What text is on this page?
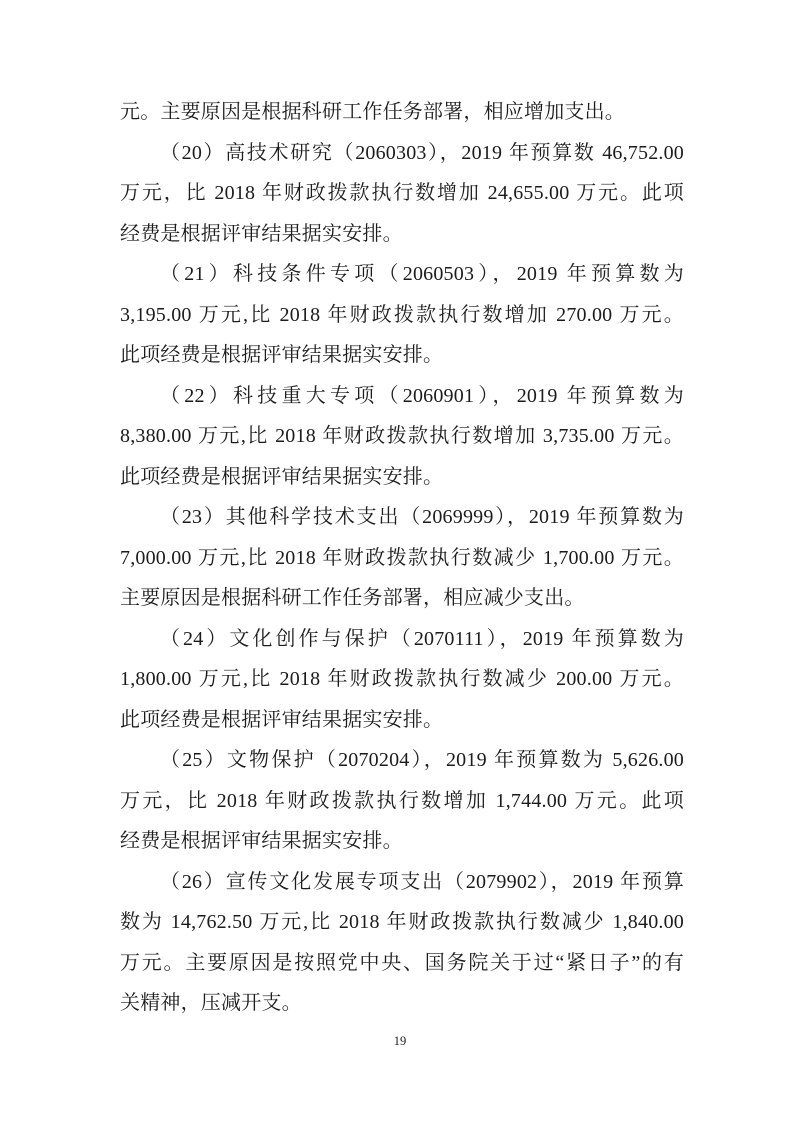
元。主要原因是根据科研工作任务部署，相应增加支出。
（20）高技术研究（2060303），2019 年预算数 46,752.00
万元，比 2018 年财政拨款执行数增加 24,655.00 万元。此项
经费是根据评审结果据实安排。
（21）科技条件专项（2060503），2019 年预算数为
3,195.00 万元,比 2018 年财政拨款执行数增加 270.00 万元。
此项经费是根据评审结果据实安排。
（22）科技重大专项（2060901），2019 年预算数为
8,380.00 万元,比 2018 年财政拨款执行数增加 3,735.00 万元。
此项经费是根据评审结果据实安排。
（23）其他科学技术支出（2069999），2019 年预算数为
7,000.00 万元,比 2018 年财政拨款执行数减少 1,700.00 万元。
主要原因是根据科研工作任务部署，相应减少支出。
（24）文化创作与保护（2070111），2019 年预算数为
1,800.00 万元,比 2018 年财政拨款执行数减少 200.00 万元。
此项经费是根据评审结果据实安排。
（25）文物保护（2070204），2019 年预算数为 5,626.00
万元，比 2018 年财政拨款执行数增加 1,744.00 万元。此项
经费是根据评审结果据实安排。
（26）宣传文化发展专项支出（2079902），2019 年预算
数为 14,762.50 万元,比 2018 年财政拨款执行数减少 1,840.00
万元。主要原因是按照党中央、国务院关于过“紧日子”的有
关精神，压减开支。
19
